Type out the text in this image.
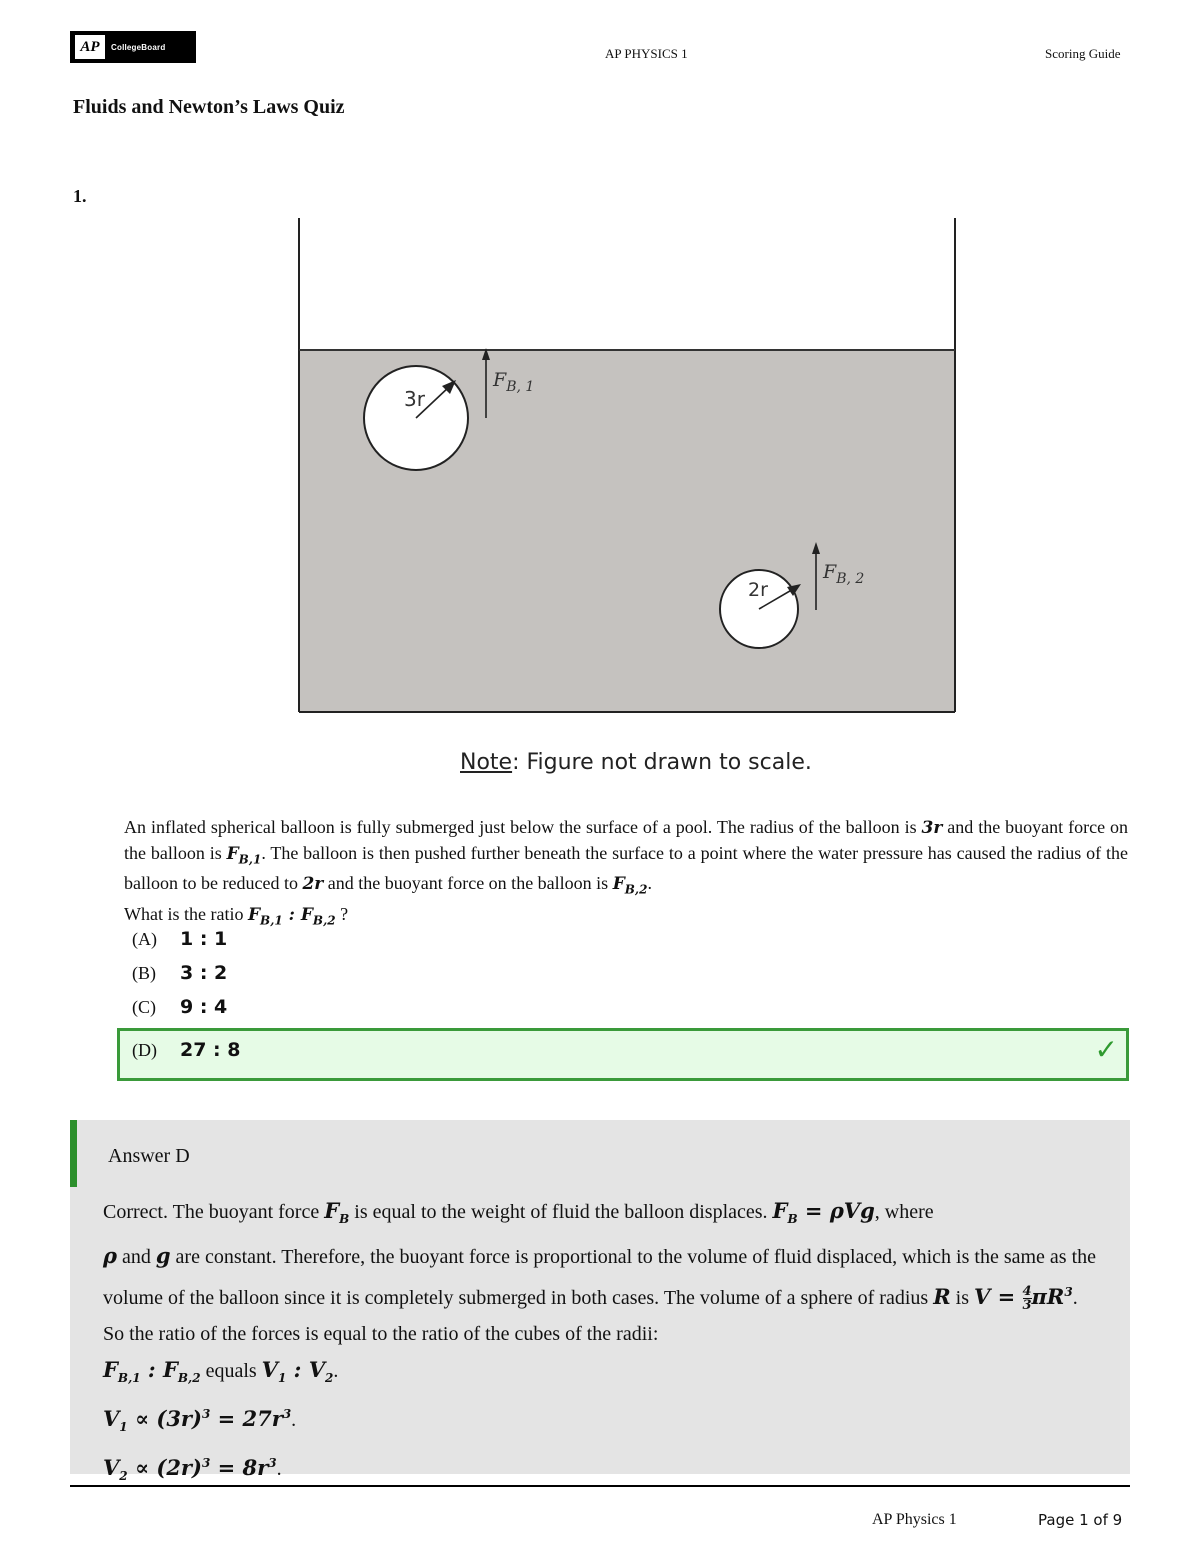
AP	CollegeBoard	AP PHYSICS 1	Scoring Guide
Fluids and Newton’s Laws Quiz
1.
3r
$F_{B, 1}$
2r
$F_{B, 2}$
Note: Figure not drawn to scale.
An inflated spherical balloon is fully submerged just below the surface of a pool. The radius of the balloon is 3r and the buoyant force on the balloon is $F_{B,1}$. The balloon is then pushed further beneath the surface to a point where the water pressure has caused the radius of the balloon to be reduced to 2r and the buoyant force on the balloon is $F_{B,2}$.
What is the ratio $F_{B,1}$ : $F_{B,2}$ ?
(A)	1 : 1
(B)	3 : 2
(C)	9 : 4
✓
(D)	27 : 8
Answer D
Correct. The buoyant force $F_B$ is equal to the weight of fluid the balloon displaces. $F_B = \rho Vg$, where
ρ and g are constant. Therefore, the buoyant force is proportional to the volume of fluid displaced, which is the same as the volume of the balloon since it is completely submerged in both cases. The volume of a sphere of radius R is $V = \frac{4}{3} \pi R^3$. So the ratio of the forces is equal to the ratio of the cubes of the radii:
$F_{B,1}$ : $F_{B,2}$ equals $V_1$ : $V_2$.
$V_1 \propto (3r)^3 = 27r^3$.
$V_2 \propto (2r)^3 = 8r^3$.
AP Physics 1	Page 1 of 9
